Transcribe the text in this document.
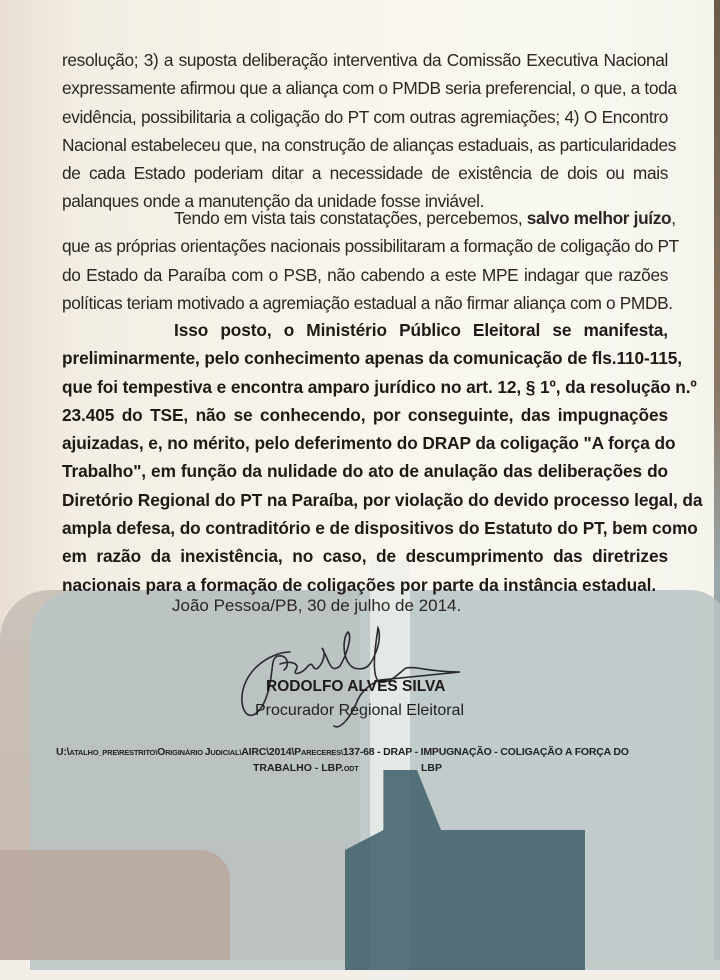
resolução; 3) a suposta deliberação interventiva da Comissão Executiva Nacional
expressamente afirmou que a aliança com o PMDB seria preferencial, o que, a toda
evidência, possibilitaria a coligação do PT com outras agremiações; 4) O Encontro
Nacional estabeleceu que, na construção de alianças estaduais, as particularidades
de cada Estado poderiam ditar a necessidade de existência de dois ou mais
palanques onde a manutenção da unidade fosse inviável.
Tendo em vista tais constatações, percebemos, salvo melhor juízo,
que as próprias orientações nacionais possibilitaram a formação de coligação do PT
do Estado da Paraíba com o PSB, não cabendo a este MPE indagar que razões
políticas teriam motivado a agremiação estadual a não firmar aliança com o PMDB.
Isso posto, o Ministério Público Eleitoral se manifesta,
preliminarmente, pelo conhecimento apenas da comunicação de fls.110-115,
que foi tempestiva e encontra amparo jurídico no art. 12, § 1º, da resolução n.º
23.405 do TSE, não se conhecendo, por conseguinte, das impugnações
ajuizadas, e, no mérito, pelo deferimento do DRAP da coligação "A força do
Trabalho", em função da nulidade do ato de anulação das deliberações do
Diretório Regional do PT na Paraíba, por violação do devido processo legal, da
ampla defesa, do contraditório e de dispositivos do Estatuto do PT, bem como
em razão da inexistência, no caso, de descumprimento das diretrizes
nacionais para a formação de coligações por parte da instância estadual.
João Pessoa/PB, 30 de julho de 2014.
RODOLFO ALVES SILVA
Procurador Regional Eleitoral
U:\ATALHO_PRE\RESTRITO\ORIGINÁRIO JUDICIAL\AIRC\2014\PARECERES\137-68 - DRAP - IMPUGNAÇÃO - COLIGAÇÃO A FORÇA DO
TRABALHO - LBP.ODT	LBP
